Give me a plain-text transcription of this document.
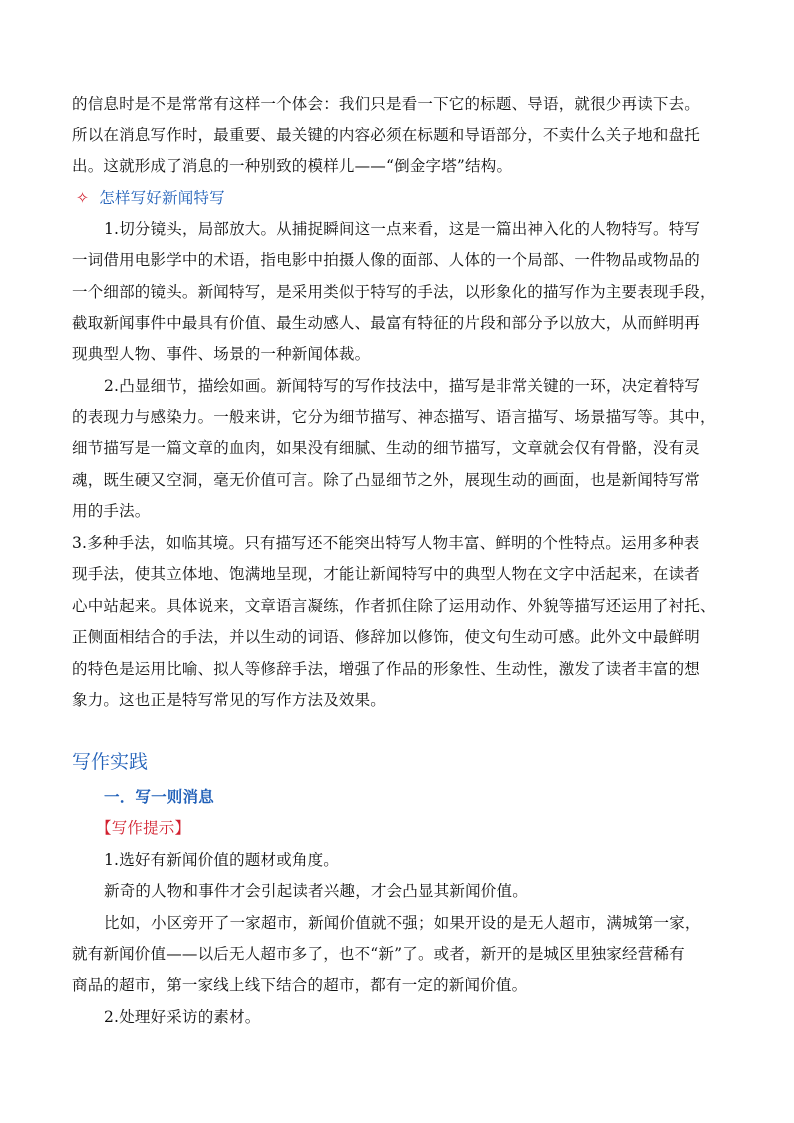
的信息时是不是常常有这样一个体会：我们只是看一下它的标题、导语，就很少再读下去。
所以在消息写作时，最重要、最关键的内容必须在标题和导语部分，不卖什么关子地和盘托
出。这就形成了消息的一种别致的模样儿——“倒金字塔”结构。
✧ 怎样写好新闻特写
1.切分镜头，局部放大。从捕捉瞬间这一点来看，这是一篇出神入化的人物特写。特写
一词借用电影学中的术语，指电影中拍摄人像的面部、人体的一个局部、一件物品或物品的
一个细部的镜头。新闻特写，是采用类似于特写的手法，以形象化的描写作为主要表现手段，
截取新闻事件中最具有价值、最生动感人、最富有特征的片段和部分予以放大，从而鲜明再
现典型人物、事件、场景的一种新闻体裁。
2.凸显细节，描绘如画。新闻特写的写作技法中，描写是非常关键的一环，决定着特写
的表现力与感染力。一般来讲，它分为细节描写、神态描写、语言描写、场景描写等。其中，
细节描写是一篇文章的血肉，如果没有细腻、生动的细节描写，文章就会仅有骨骼，没有灵
魂，既生硬又空洞，毫无价值可言。除了凸显细节之外，展现生动的画面，也是新闻特写常
用的手法。
3.多种手法，如临其境。只有描写还不能突出特写人物丰富、鲜明的个性特点。运用多种表
现手法，使其立体地、饱满地呈现，才能让新闻特写中的典型人物在文字中活起来，在读者
心中站起来。具体说来，文章语言凝练，作者抓住除了运用动作、外貌等描写还运用了衬托、
正侧面相结合的手法，并以生动的词语、修辞加以修饰，使文句生动可感。此外文中最鲜明
的特色是运用比喻、拟人等修辞手法，增强了作品的形象性、生动性，激发了读者丰富的想
象力。这也正是特写常见的写作方法及效果。
写作实践
一．写一则消息
【写作提示】
1.选好有新闻价值的题材或角度。
新奇的人物和事件才会引起读者兴趣，才会凸显其新闻价值。
比如，小区旁开了一家超市，新闻价值就不强；如果开设的是无人超市，满城第一家，
就有新闻价值——以后无人超市多了，也不“新”了。或者，新开的是城区里独家经营稀有
商品的超市，第一家线上线下结合的超市，都有一定的新闻价值。
2.处理好采访的素材。
